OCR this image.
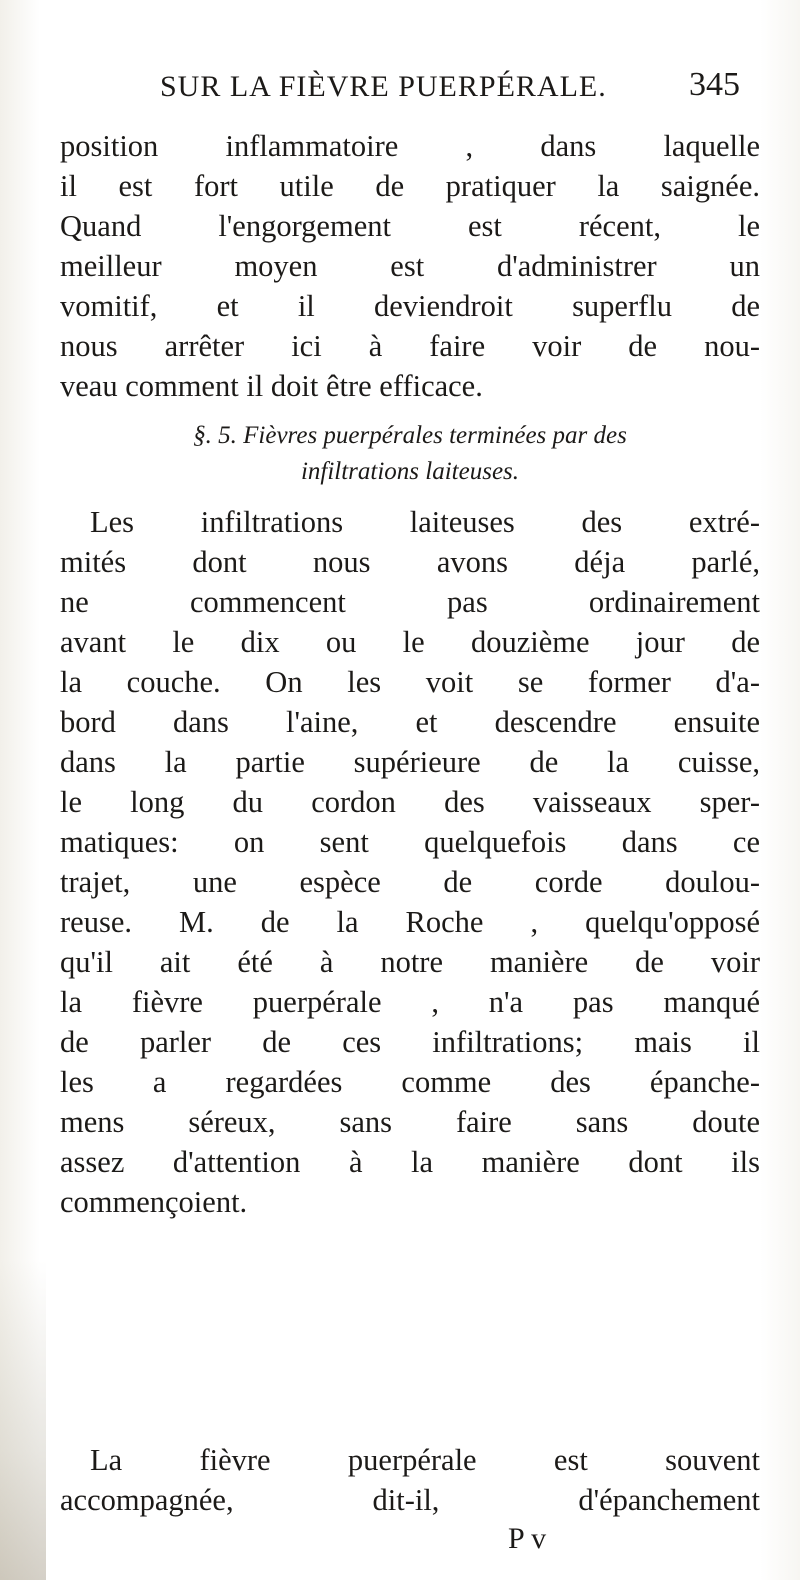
SUR LA FIÈVRE PUERPÉRALE. 345
position inflammatoire , dans laquelle
il est fort utile de pratiquer la saignée.
Quand l'engorgement est récent, le
meilleur moyen est d'administrer un
vomitif, et il deviendroit superflu de
nous arrêter ici à faire voir de nou-
veau comment il doit être efficace.
§. 5. Fièvres puerpérales terminées par des
infiltrations laiteuses.
Les infiltrations laiteuses des extré-
mités dont nous avons déja parlé,
ne commencent pas ordinairement
avant le dix ou le douzième jour de
la couche. On les voit se former d'a-
bord dans l'aine, et descendre ensuite
dans la partie supérieure de la cuisse,
le long du cordon des vaisseaux sper-
matiques: on sent quelquefois dans ce
trajet, une espèce de corde doulou-
reuse. M. de la Roche , quelqu'opposé
qu'il ait été à notre manière de voir
la fièvre puerpérale , n'a pas manqué
de parler de ces infiltrations; mais il
les a regardées comme des épanche-
mens séreux, sans faire sans doute
assez d'attention à la manière dont ils
commençoient.
La fièvre puerpérale est souvent
accompagnée, dit-il, d'épanchement
P v
